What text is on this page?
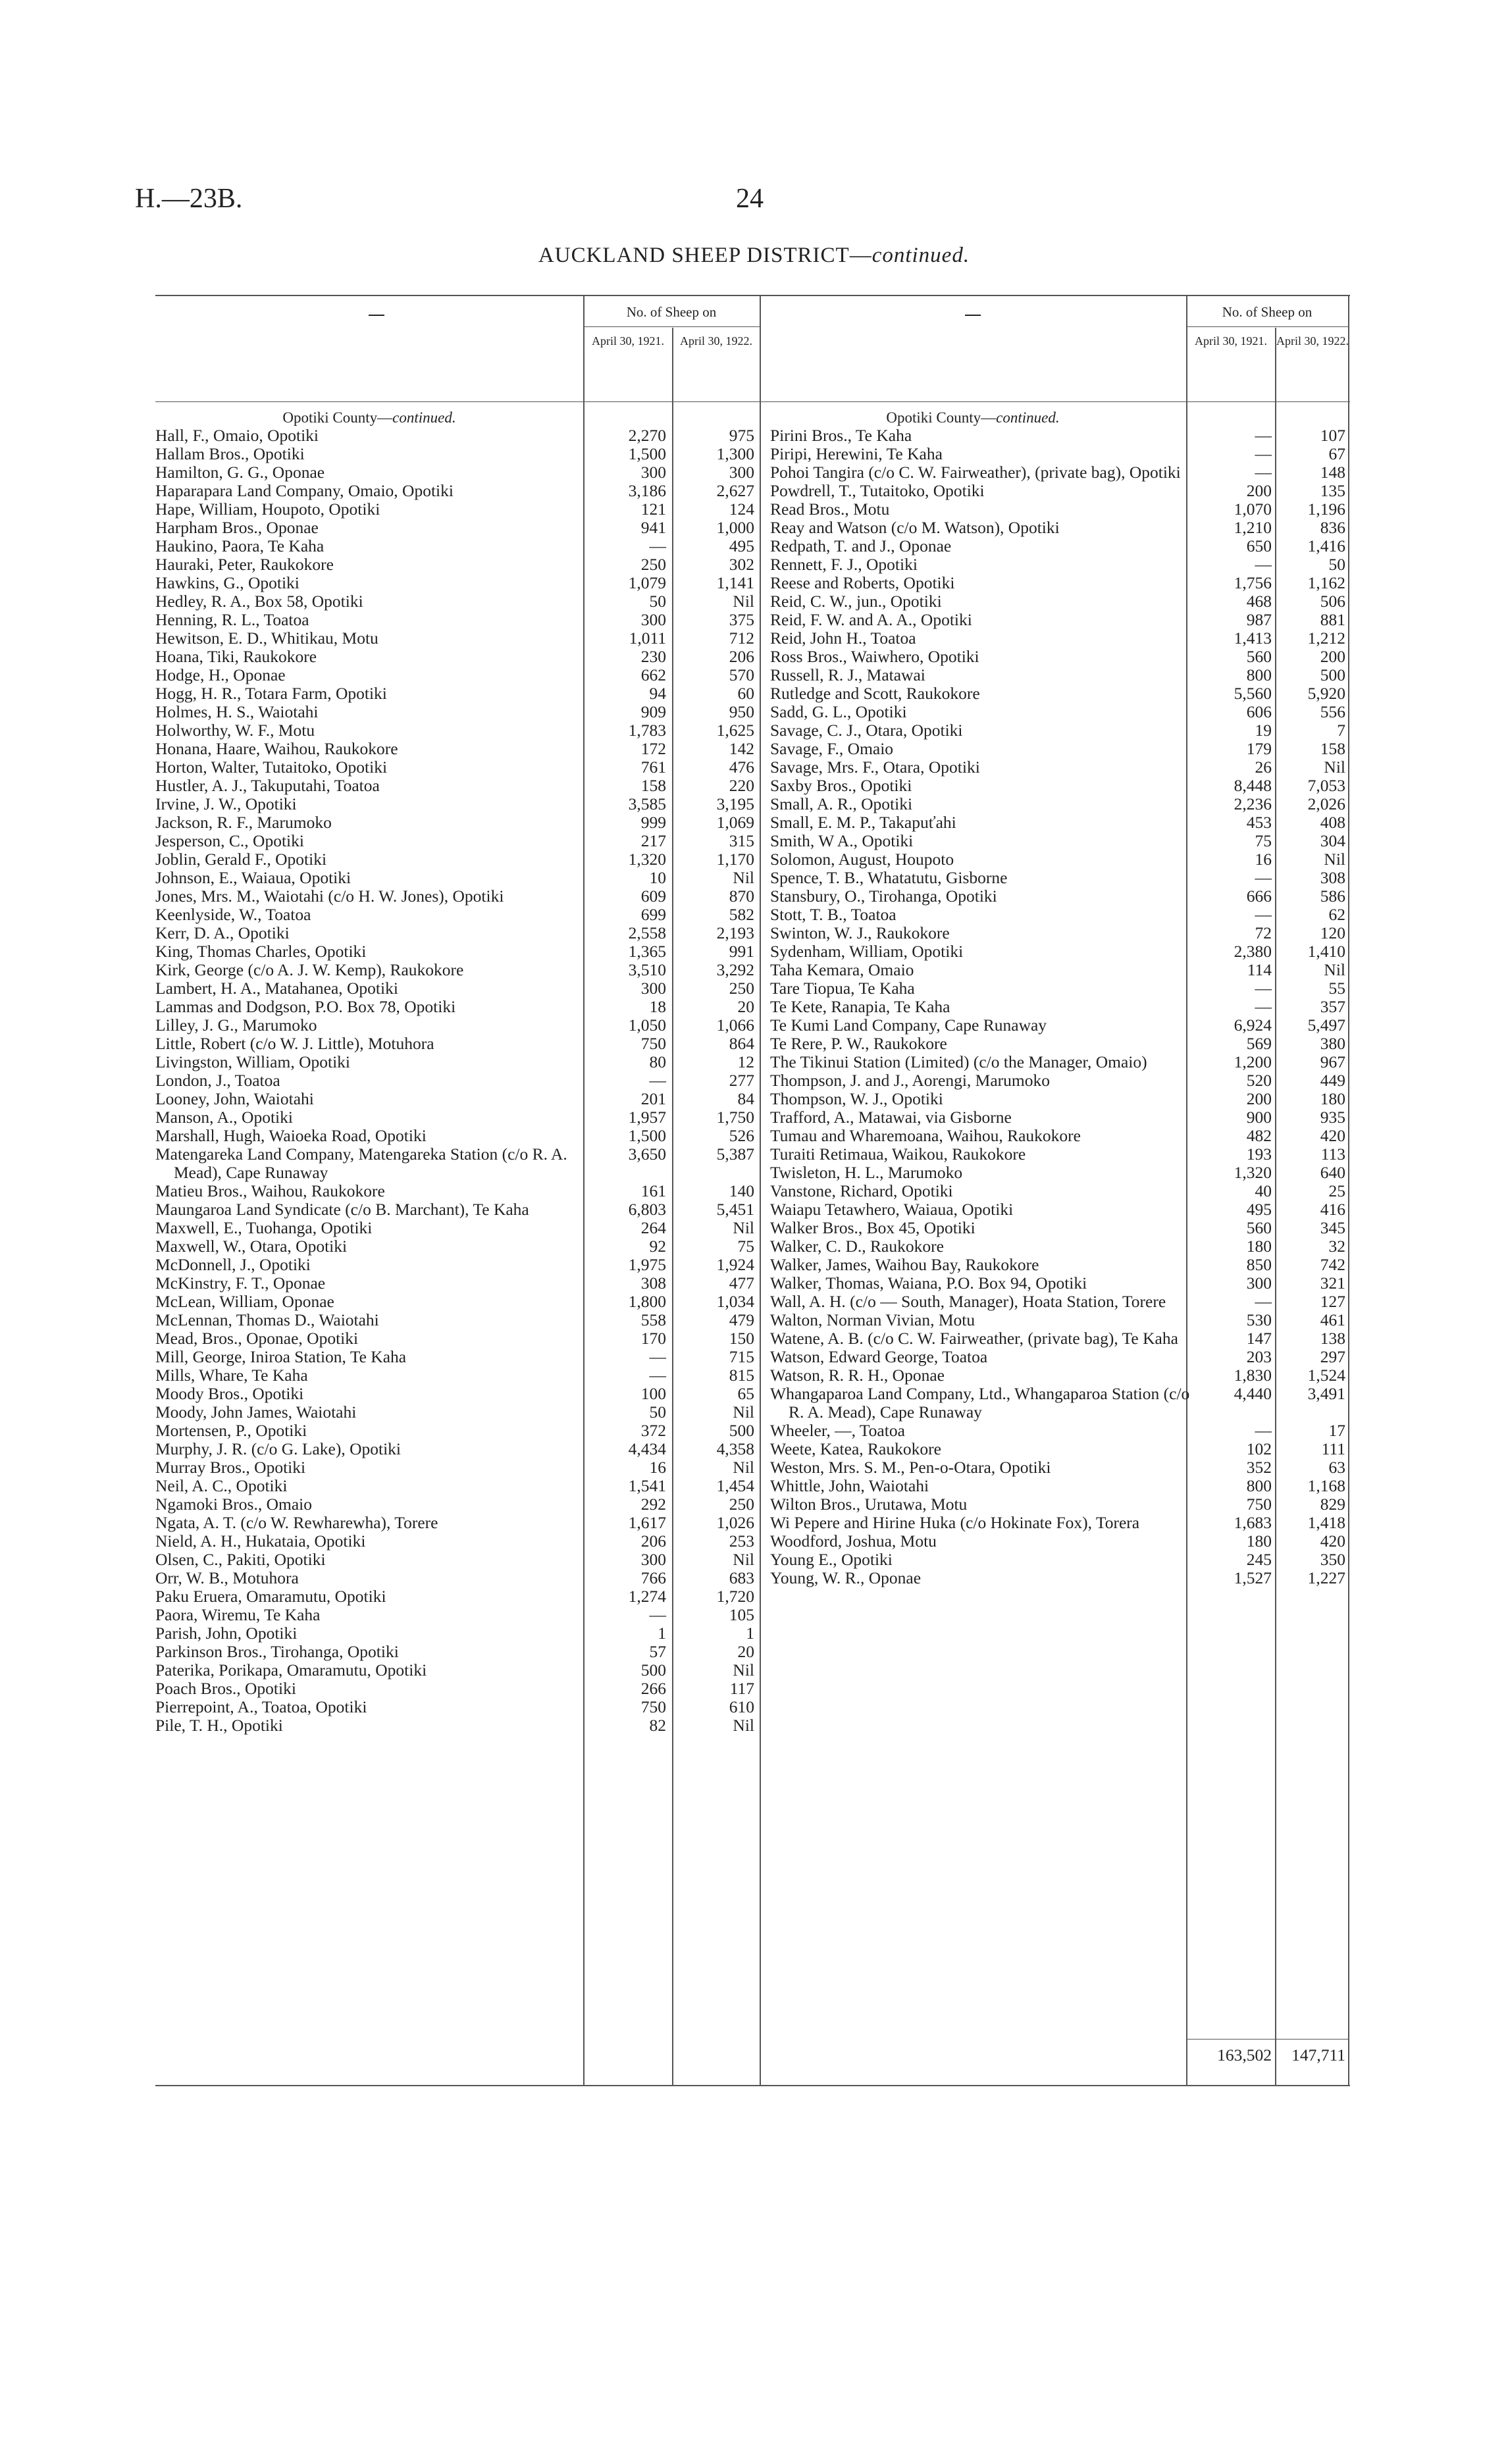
H.—23B.	24
AUCKLAND SHEEP DISTRICT—continued.
No. of Sheep on
April 30, 1921.	April 30, 1922.
No. of Sheep on
April 30, 1921. April 30, 1922.
Opotiki County—continued.	Opotiki County—continued.
Hall, F., Omaio, Opotiki	2,270	975
Hallam Bros., Opotiki	1,500	1,300
Hamilton, G. G., Oponae	300	300
Haparapara Land Company, Omaio, Opotiki	3,186	2,627
Hape, William, Houpoto, Opotiki	121	124
Harpham Bros., Oponae	941	1,000
Haukino, Paora, Te Kaha	—	495
Hauraki, Peter, Raukokore	250	302
Hawkins, G., Opotiki	1,079	1,141
Hedley, R. A., Box 58, Opotiki	50	Nil
Henning, R. L., Toatoa	300	375
Hewitson, E. D., Whitikau, Motu	1,011	712
Hoana, Tiki, Raukokore	230	206
Hodge, H., Oponae	662	570
Hogg, H. R., Totara Farm, Opotiki	94	60
Holmes, H. S., Waiotahi	909	950
Holworthy, W. F., Motu	1,783	1,625
Honana, Haare, Waihou, Raukokore	172	142
Horton, Walter, Tutaitoko, Opotiki	761	476
Hustler, A. J., Takuputahi, Toatoa	158	220
Irvine, J. W., Opotiki	3,585	3,195
Jackson, R. F., Marumoko	999	1,069
Jesperson, C., Opotiki	217	315
Joblin, Gerald F., Opotiki	1,320	1,170
Johnson, E., Waiaua, Opotiki	10	Nil
Jones, Mrs. M., Waiotahi (c/o H. W. Jones), Opotiki	609	870
Keenlyside, W., Toatoa	699	582
Kerr, D. A., Opotiki	2,558	2,193
King, Thomas Charles, Opotiki	1,365	991
Kirk, George (c/o A. J. W. Kemp), Raukokore	3,510	3,292
Lambert, H. A., Matahanea, Opotiki	300	250
Lammas and Dodgson, P.O. Box 78, Opotiki	18	20
Lilley, J. G., Marumoko	1,050	1,066
Little, Robert (c/o W. J. Little), Motuhora	750	864
Livingston, William, Opotiki	80	12
London, J., Toatoa	—	277
Looney, John, Waiotahi	201	84
Manson, A., Opotiki	1,957	1,750
Marshall, Hugh, Waioeka Road, Opotiki	1,500	526
Matengareka Land Company, Matengareka Station (c/o R. A. Mead), Cape Runaway
3,650	5,387
Matieu Bros., Waihou, Raukokore	161	140
Maungaroa Land Syndicate (c/o B. Marchant), Te Kaha	6,803	5,451
Maxwell, E., Tuohanga, Opotiki	264	Nil
Maxwell, W., Otara, Opotiki	92	75
McDonnell, J., Opotiki	1,975	1,924
McKinstry, F. T., Oponae	308	477
McLean, William, Oponae	1,800	1,034
McLennan, Thomas D., Waiotahi	558	479
Mead, Bros., Oponae, Opotiki	170	150
Mill, George, Iniroa Station, Te Kaha	—	715
Mills, Whare, Te Kaha	—	815
Moody Bros., Opotiki	100	65
Moody, John James, Waiotahi	50	Nil
Mortensen, P., Opotiki	372	500
Murphy, J. R. (c/o G. Lake), Opotiki	4,434	4,358
Murray Bros., Opotiki	16	Nil
Neil, A. C., Opotiki	1,541	1,454
Ngamoki Bros., Omaio	292	250
Ngata, A. T. (c/o W. Rewharewha), Torere	1,617	1,026
Nield, A. H., Hukataia, Opotiki	206	253
Olsen, C., Pakiti, Opotiki	300	Nil
Orr, W. B., Motuhora	766	683
Paku Eruera, Omaramutu, Opotiki	1,274	1,720
Paora, Wiremu, Te Kaha	—	105
Parish, John, Opotiki	1	1
Parkinson Bros., Tirohanga, Opotiki	57	20
Paterika, Porikapa, Omaramutu, Opotiki	500	Nil
Poach Bros., Opotiki	266	117
Pierrepoint, A., Toatoa, Opotiki	750	610
Pile, T. H., Opotiki	82	Nil
Pirini Bros., Te Kaha	—	107
Piripi, Herewini, Te Kaha	—	67
Pohoi Tangira (c/o C. W. Fairweather), (private bag), Opotiki	—	148
Powdrell, T., Tutaitoko, Opotiki	200	135
Read Bros., Motu	1,070	1,196
Reay and Watson (c/o M. Watson), Opotiki	1,210	836
Redpath, T. and J., Oponae	650	1,416
Rennett, F. J., Opotiki	—	50
Reese and Roberts, Opotiki	1,756	1,162
Reid, C. W., jun., Opotiki	468	506
Reid, F. W. and A. A., Opotiki	987	881
Reid, John H., Toatoa	1,413	1,212
Ross Bros., Waiwhero, Opotiki	560	200
Russell, R. J., Matawai	800	500
Rutledge and Scott, Raukokore	5,560	5,920
Sadd, G. L., Opotiki	606	556
Savage, C. J., Otara, Opotiki	19	7
Savage, F., Omaio	179	158
Savage, Mrs. F., Otara, Opotiki	26	Nil
Saxby Bros., Opotiki	8,448	7,053
Small, A. R., Opotiki	2,236	2,026
Small, E. M. P., Takapuťahi	453	408
Smith, W A., Opotiki	75	304
Solomon, August, Houpoto	16	Nil
Spence, T. B., Whatatutu, Gisborne	—	308
Stansbury, O., Tirohanga, Opotiki	666	586
Stott, T. B., Toatoa	—	62
Swinton, W. J., Raukokore	72	120
Sydenham, William, Opotiki	2,380	1,410
Taha Kemara, Omaio	114	Nil
Tare Tiopua, Te Kaha	—	55
Te Kete, Ranapia, Te Kaha	—	357
Te Kumi Land Company, Cape Runaway	6,924	5,497
Te Rere, P. W., Raukokore	569	380
The Tikinui Station (Limited) (c/o the Manager, Omaio)	1,200	967
Thompson, J. and J., Aorengi, Marumoko	520	449
Thompson, W. J., Opotiki	200	180
Trafford, A., Matawai, via Gisborne	900	935
Tumau and Wharemoana, Waihou, Raukokore	482	420
Turaiti Retimaua, Waikou, Raukokore	193	113
Twisleton, H. L., Marumoko	1,320	640
Vanstone, Richard, Opotiki	40	25
Waiapu Tetawhero, Waiaua, Opotiki	495	416
Walker Bros., Box 45, Opotiki	560	345
Walker, C. D., Raukokore	180	32
Walker, James, Waihou Bay, Raukokore	850	742
Walker, Thomas, Waiana, P.O. Box 94, Opotiki	300	321
Wall, A. H. (c/o — South, Manager), Hoata Station, Torere	—	127
Walton, Norman Vivian, Motu	530	461
Watene, A. B. (c/o C. W. Fairweather, (private bag), Te Kaha	147	138
Watson, Edward George, Toatoa	203	297
Watson, R. R. H., Oponae	1,830	1,524
Whangaparoa Land Company, Ltd., Whangaparoa Station (c/o R. A. Mead), Cape Runaway
4,440	3,491
Wheeler, —, Toatoa	—	17
Weete, Katea, Raukokore	102	111
Weston, Mrs. S. M., Pen-o-Otara, Opotiki	352	63
Whittle, John, Waiotahi	800	1,168
Wilton Bros., Urutawa, Motu	750	829
Wi Pepere and Hirine Huka (c/o Hokinate Fox), Torera	1,683	1,418
Woodford, Joshua, Motu	180	420
Young E., Opotiki	245	350
Young, W. R., Oponae	1,527	1,227
163,502	147,711
